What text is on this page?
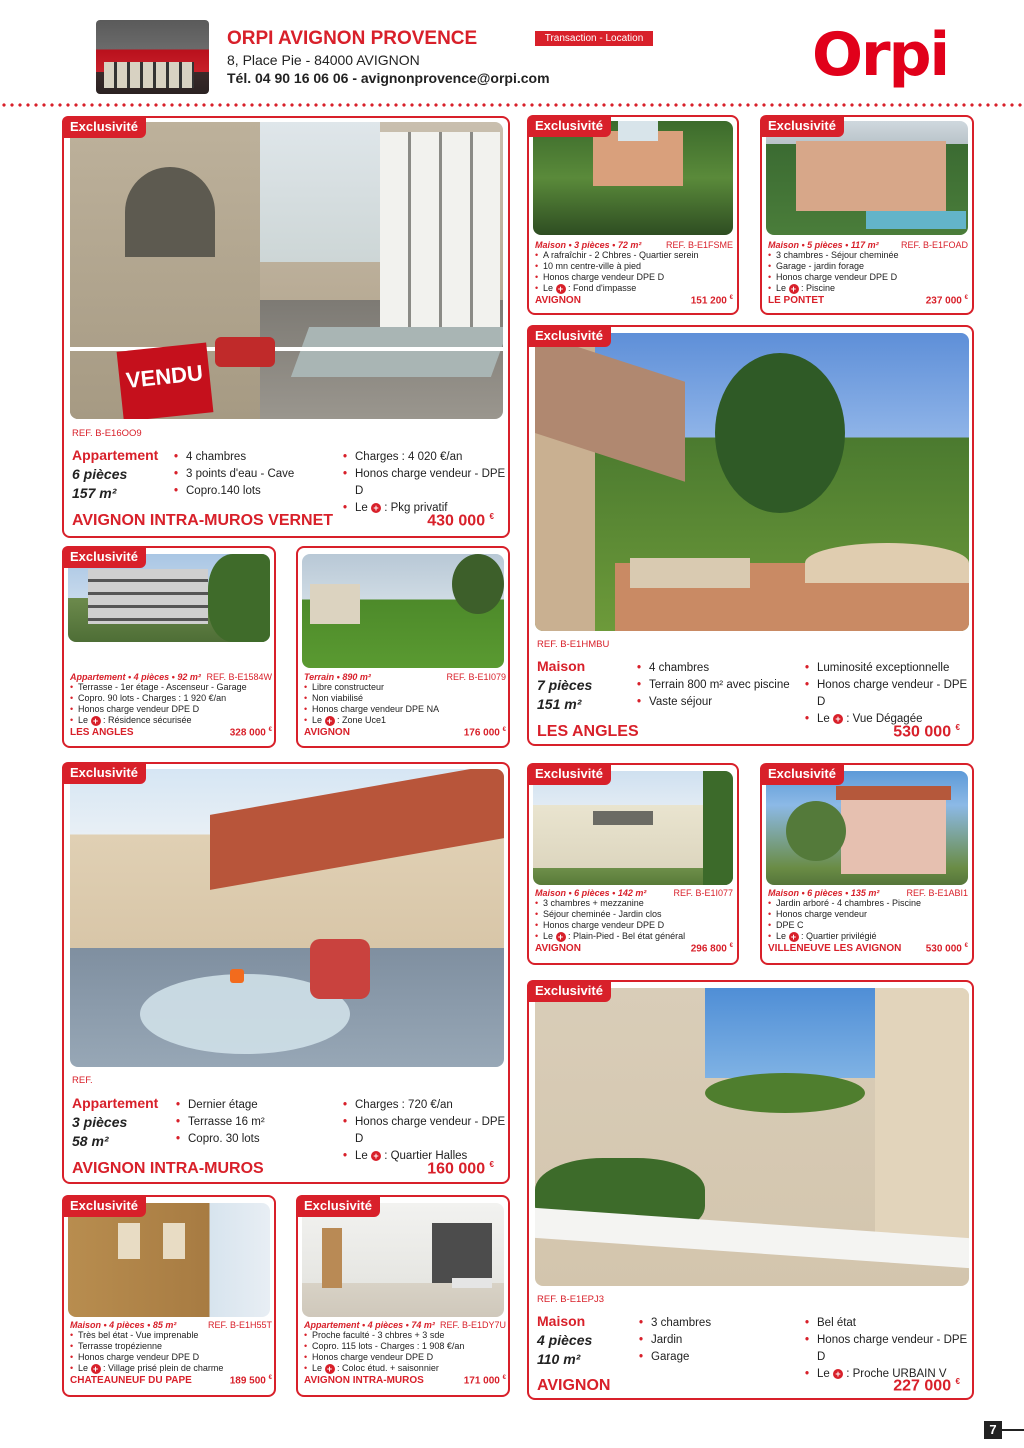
ORPI AVIGNON PROVENCE
8, Place Pie - 84000 AVIGNON
Tél. 04 90 16 06 06 - avignonprovence@orpi.com
Transaction - Location	Orpi
Exclusivité
VENDU
REF. B-E16OO9
Appartement
6 pièces
157 m²
• 4 chambres
• 3 points d'eau - Cave
• Copro.140 lots
• Charges : 4 020 €/an
• Honos charge vendeur - DPE D
• Le + : Pkg privatif
AVIGNON INTRA-MUROS VERNET	430 000 €
Exclusivité
Maison • 3 pièces • 72 m²	REF. B-E1FSME
• A rafraîchir - 2 Chbres - Quartier serein
• 10 mn centre-ville à pied
• Honos charge vendeur DPE D
• Le + : Fond d'impasse
AVIGNON	151 200 €
Exclusivité
Maison • 5 pièces • 117 m² REF. B-E1FOAD
• 3 chambres - Séjour cheminée
• Garage - jardin forage
• Honos charge vendeur DPE D
• Le + : Piscine
LE PONTET	237 000 €
Exclusivité
REF. B-E1HMBU
Maison
7 pièces
151 m²
• 4 chambres
• Terrain 800 m² avec piscine
• Vaste séjour
• Luminosité exceptionnelle
• Honos charge vendeur - DPE D
• Le + : Vue Dégagée
LES ANGLES	530 000 €
Exclusivité
Appartement • 4 pièces • 92 m² REF. B-E1584W
• Terrasse - 1er étage - Ascenseur - Garage
• Copro. 90 lots - Charges : 1 920 €/an
• Honos charge vendeur DPE D
• Le + : Résidence sécurisée
LES ANGLES	328 000 €
Terrain • 890 m²	REF. B-E1I079
• Libre constructeur
• Non viabilisé
• Honos charge vendeur DPE NA
• Le + : Zone Uce1
AVIGNON	176 000 €
Exclusivité
REF.
Appartement
3 pièces
58 m²
• Dernier étage
• Terrasse 16 m²
• Copro. 30 lots
• Charges : 720 €/an
• Honos charge vendeur - DPE D
• Le + : Quartier Halles
AVIGNON INTRA-MUROS	160 000 €
Exclusivité
Maison • 6 pièces • 142 m²	REF. B-E1I077
• 3 chambres + mezzanine
• Séjour cheminée - Jardin clos
• Honos charge vendeur DPE D
• Le + : Plain-Pied - Bel état général
AVIGNON	296 800 €
Exclusivité
Maison • 6 pièces • 135 m²	REF. B-E1ABI1
• Jardin arboré - 4 chambres - Piscine
• Honos charge vendeur
• DPE C
• Le + : Quartier privilégié
VILLENEUVE LES AVIGNON 530 000 €
Exclusivité
REF. B-E1EPJ3
Maison
4 pièces
110 m²
• 3 chambres
• Jardin
• Garage
• Bel état
• Honos charge vendeur - DPE D
• Le + : Proche URBAIN V
AVIGNON	227 000 €
Exclusivité
Maison • 4 pièces • 85 m²	REF. B-E1H55T
• Très bel état - Vue imprenable
• Terrasse tropézienne
• Honos charge vendeur DPE D
• Le + : Village prisé plein de charme
CHATEAUNEUF DU PAPE	189 500 €
Exclusivité
Appartement • 4 pièces • 74 m² REF. B-E1DY7U
• Proche faculté - 3 chbres + 3 sde
• Copro. 115 lots - Charges : 1 908 €/an
• Honos charge vendeur DPE D
• Le + : Coloc étud. + saisonnier
AVIGNON INTRA-MUROS	171 000 €
7
